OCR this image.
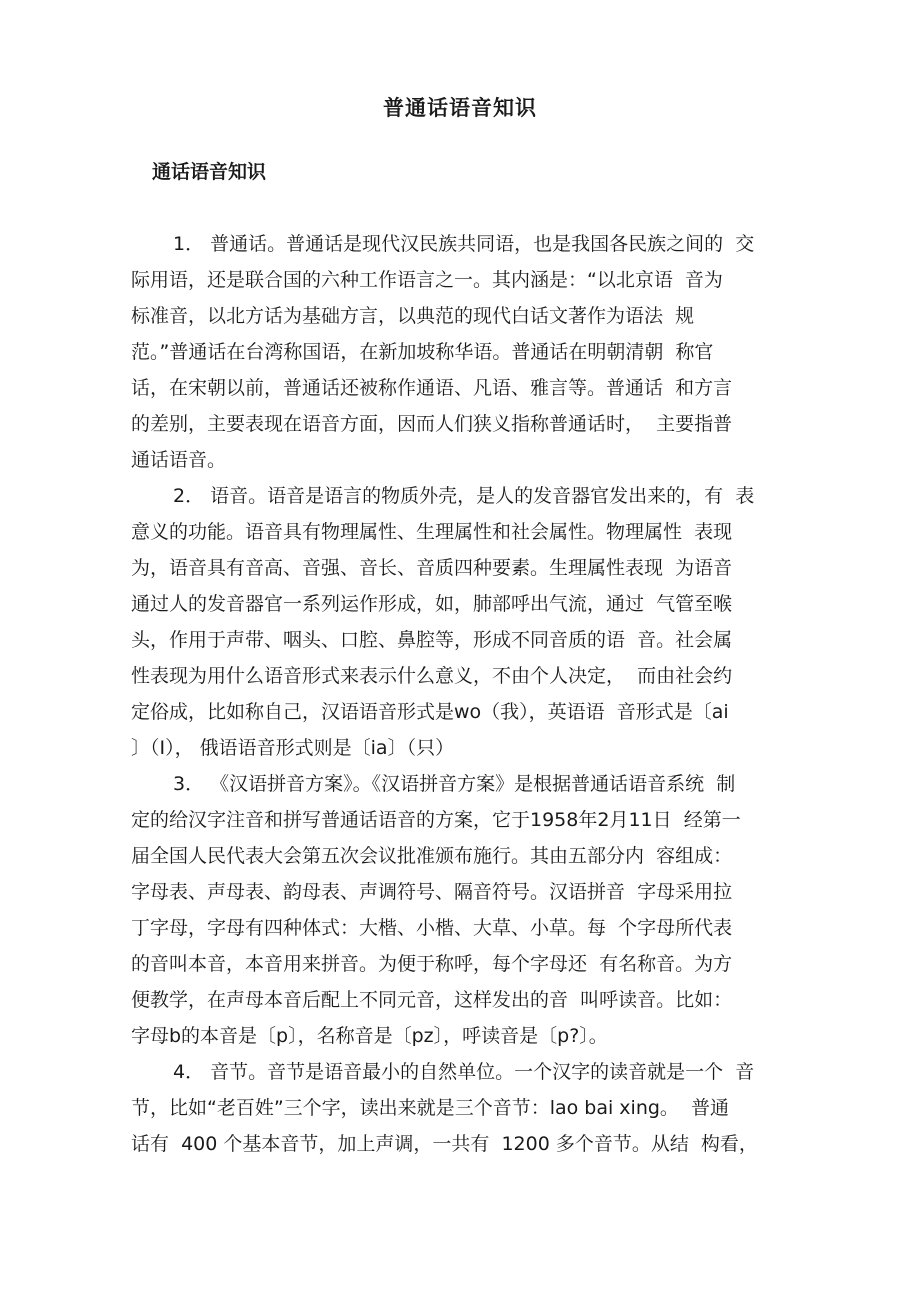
普通话语音知识
通话语音知识
1． 普通话。普通话是现代汉民族共同语，也是我国各民族之间的  交
际用语，还是联合国的六种工作语言之一。其内涵是：“以北京语  音为
标准音，以北方话为基础方言，以典范的现代白话文著作为语法  规
范。”普通话在台湾称国语，在新加坡称华语。普通话在明朝清朝  称官
话，在宋朝以前，普通话还被称作通语、凡语、雅言等。普通话  和方言
的差别，主要表现在语音方面，因而人们狭义指称普通话时，  主要指普
通话语音。
2． 语音。语音是语言的物质外壳，是人的发音器官发出来的，有  表
意义的功能。语音具有物理属性、生理属性和社会属性。物理属性  表现
为，语音具有音高、音强、音长、音质四种要素。生理属性表现  为语音
通过人的发音器官一系列运作形成，如，肺部呼出气流，通过  气管至喉
头，作用于声带、咽头、口腔、鼻腔等，形成不同音质的语  音。社会属
性表现为用什么语音形式来表示什么意义，不由个人决定，  而由社会约
定俗成，比如称自己，汉语语音形式是wo（我），英语语  音形式是〔ai
〕（I）， 俄语语音形式则是〔ia〕（只）
3． 《汉语拼音方案》。《汉语拼音方案》是根据普通话语音系统  制
定的给汉字注音和拼写普通话语音的方案，它于1958年2月11日  经第一
届全国人民代表大会第五次会议批准颁布施行。其由五部分内  容组成：
字母表、声母表、韵母表、声调符号、隔音符号。汉语拼音  字母采用拉
丁字母，字母有四种体式：大楷、小楷、大草、小草。每  个字母所代表
的音叫本音，本音用来拼音。为便于称呼，每个字母还  有名称音。为方
便教学，在声母本音后配上不同元音，这样发出的音  叫呼读音。比如：
字母b的本音是〔p〕，名称音是〔pz〕，呼读音是〔p?〕。
4． 音节。音节是语音最小的自然单位。一个汉字的读音就是一个  音
节，比如“老百姓”三个字，读出来就是三个音节：lao bai xing。  普通
话有  400 个基本音节，加上声调，一共有  1200 多个音节。从结  构看，
